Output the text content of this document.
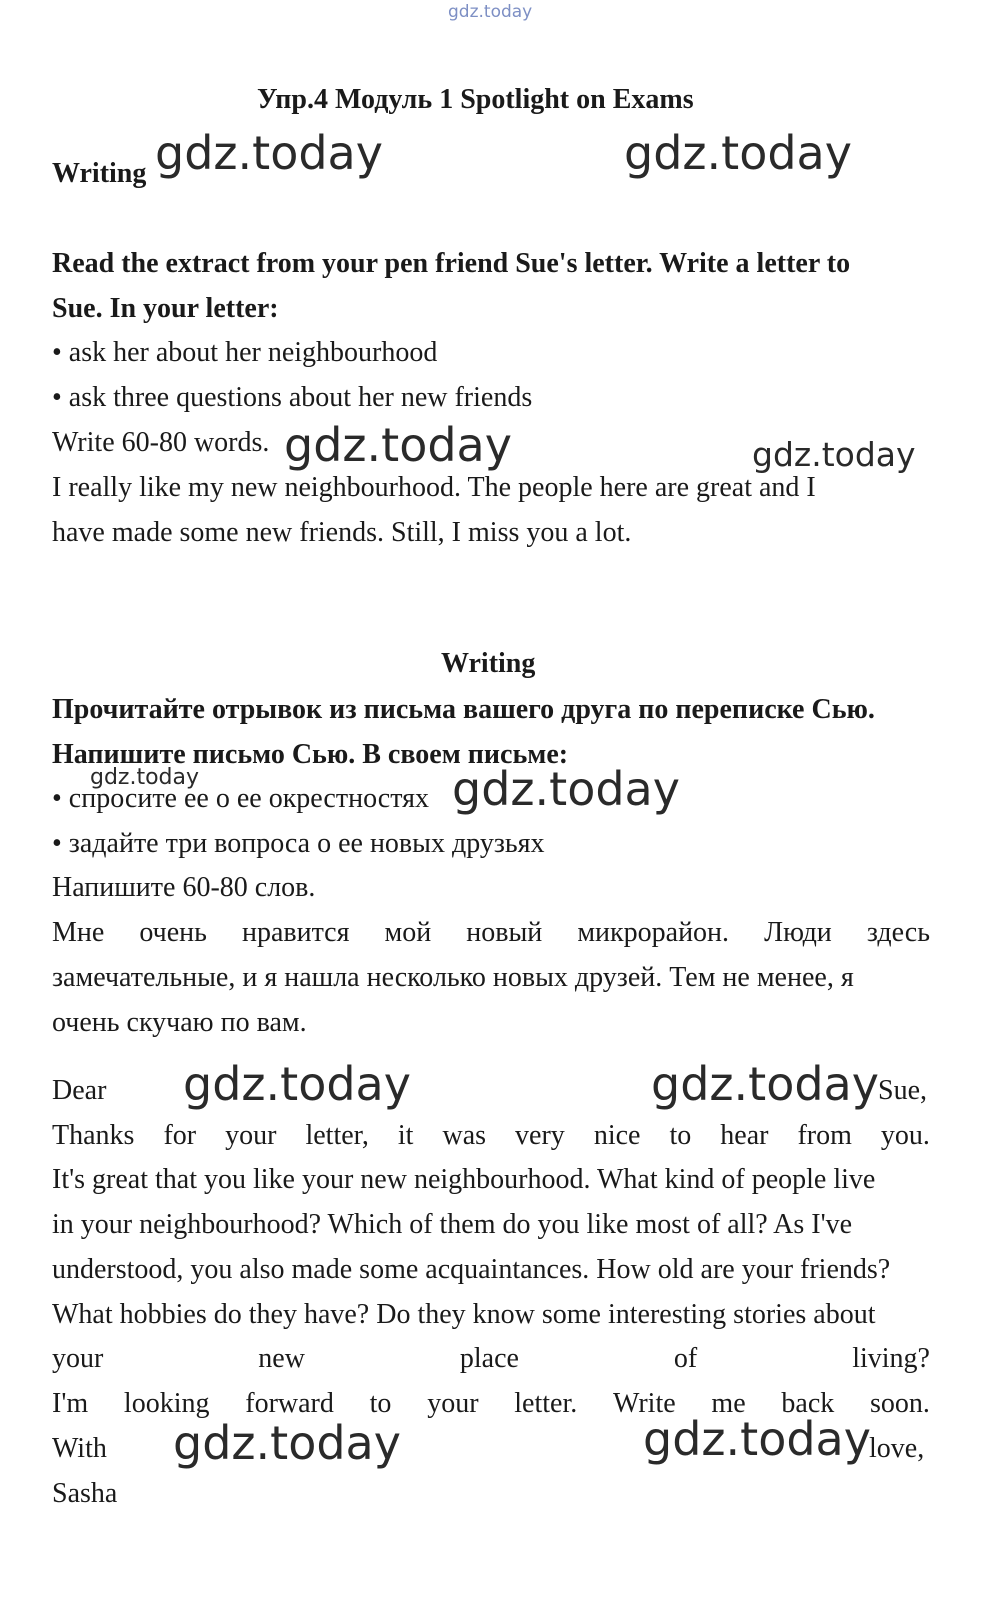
gdz.today
Упр.4 Модуль 1 Spotlight on Exams
Writing gdz.today	gdz.today
Read the extract from your pen friend Sue's letter. Write a letter to
Sue. In your letter:
• ask her about her neighbourhood
• ask three questions about her new friends
Write 60-80 words. gdz.today	gdz.today
I really like my new neighbourhood. The people here are great and I
have made some new friends. Still, I miss you a lot.
Writing
Прочитайте отрывок из письма вашего друга по переписке Сью.
Напишите письмо Сью. В своем письме:
gdz.today
• спросите ее о ее окрестностях gdz.today
• задайте три вопроса о ее новых друзьях
Напишите 60-80 слов.
Мне очень нравится мой новый микрорайон. Люди здесь
замечательные, и я нашла несколько новых друзей. Тем не менее, я
очень скучаю по вам.
Dear gdz.today	gdz.today Sue,
Thanks for your letter, it was very nice to hear from you.
It's great that you like your new neighbourhood. What kind of people live
in your neighbourhood? Which of them do you like most of all? As I've
understood, you also made some acquaintances. How old are your friends?
What hobbies do they have? Do they know some interesting stories about
your	new	place	of	living?
I'm looking forward to your letter. Write me back soon.
With gdz.today	gdz.today
love,
Sasha
